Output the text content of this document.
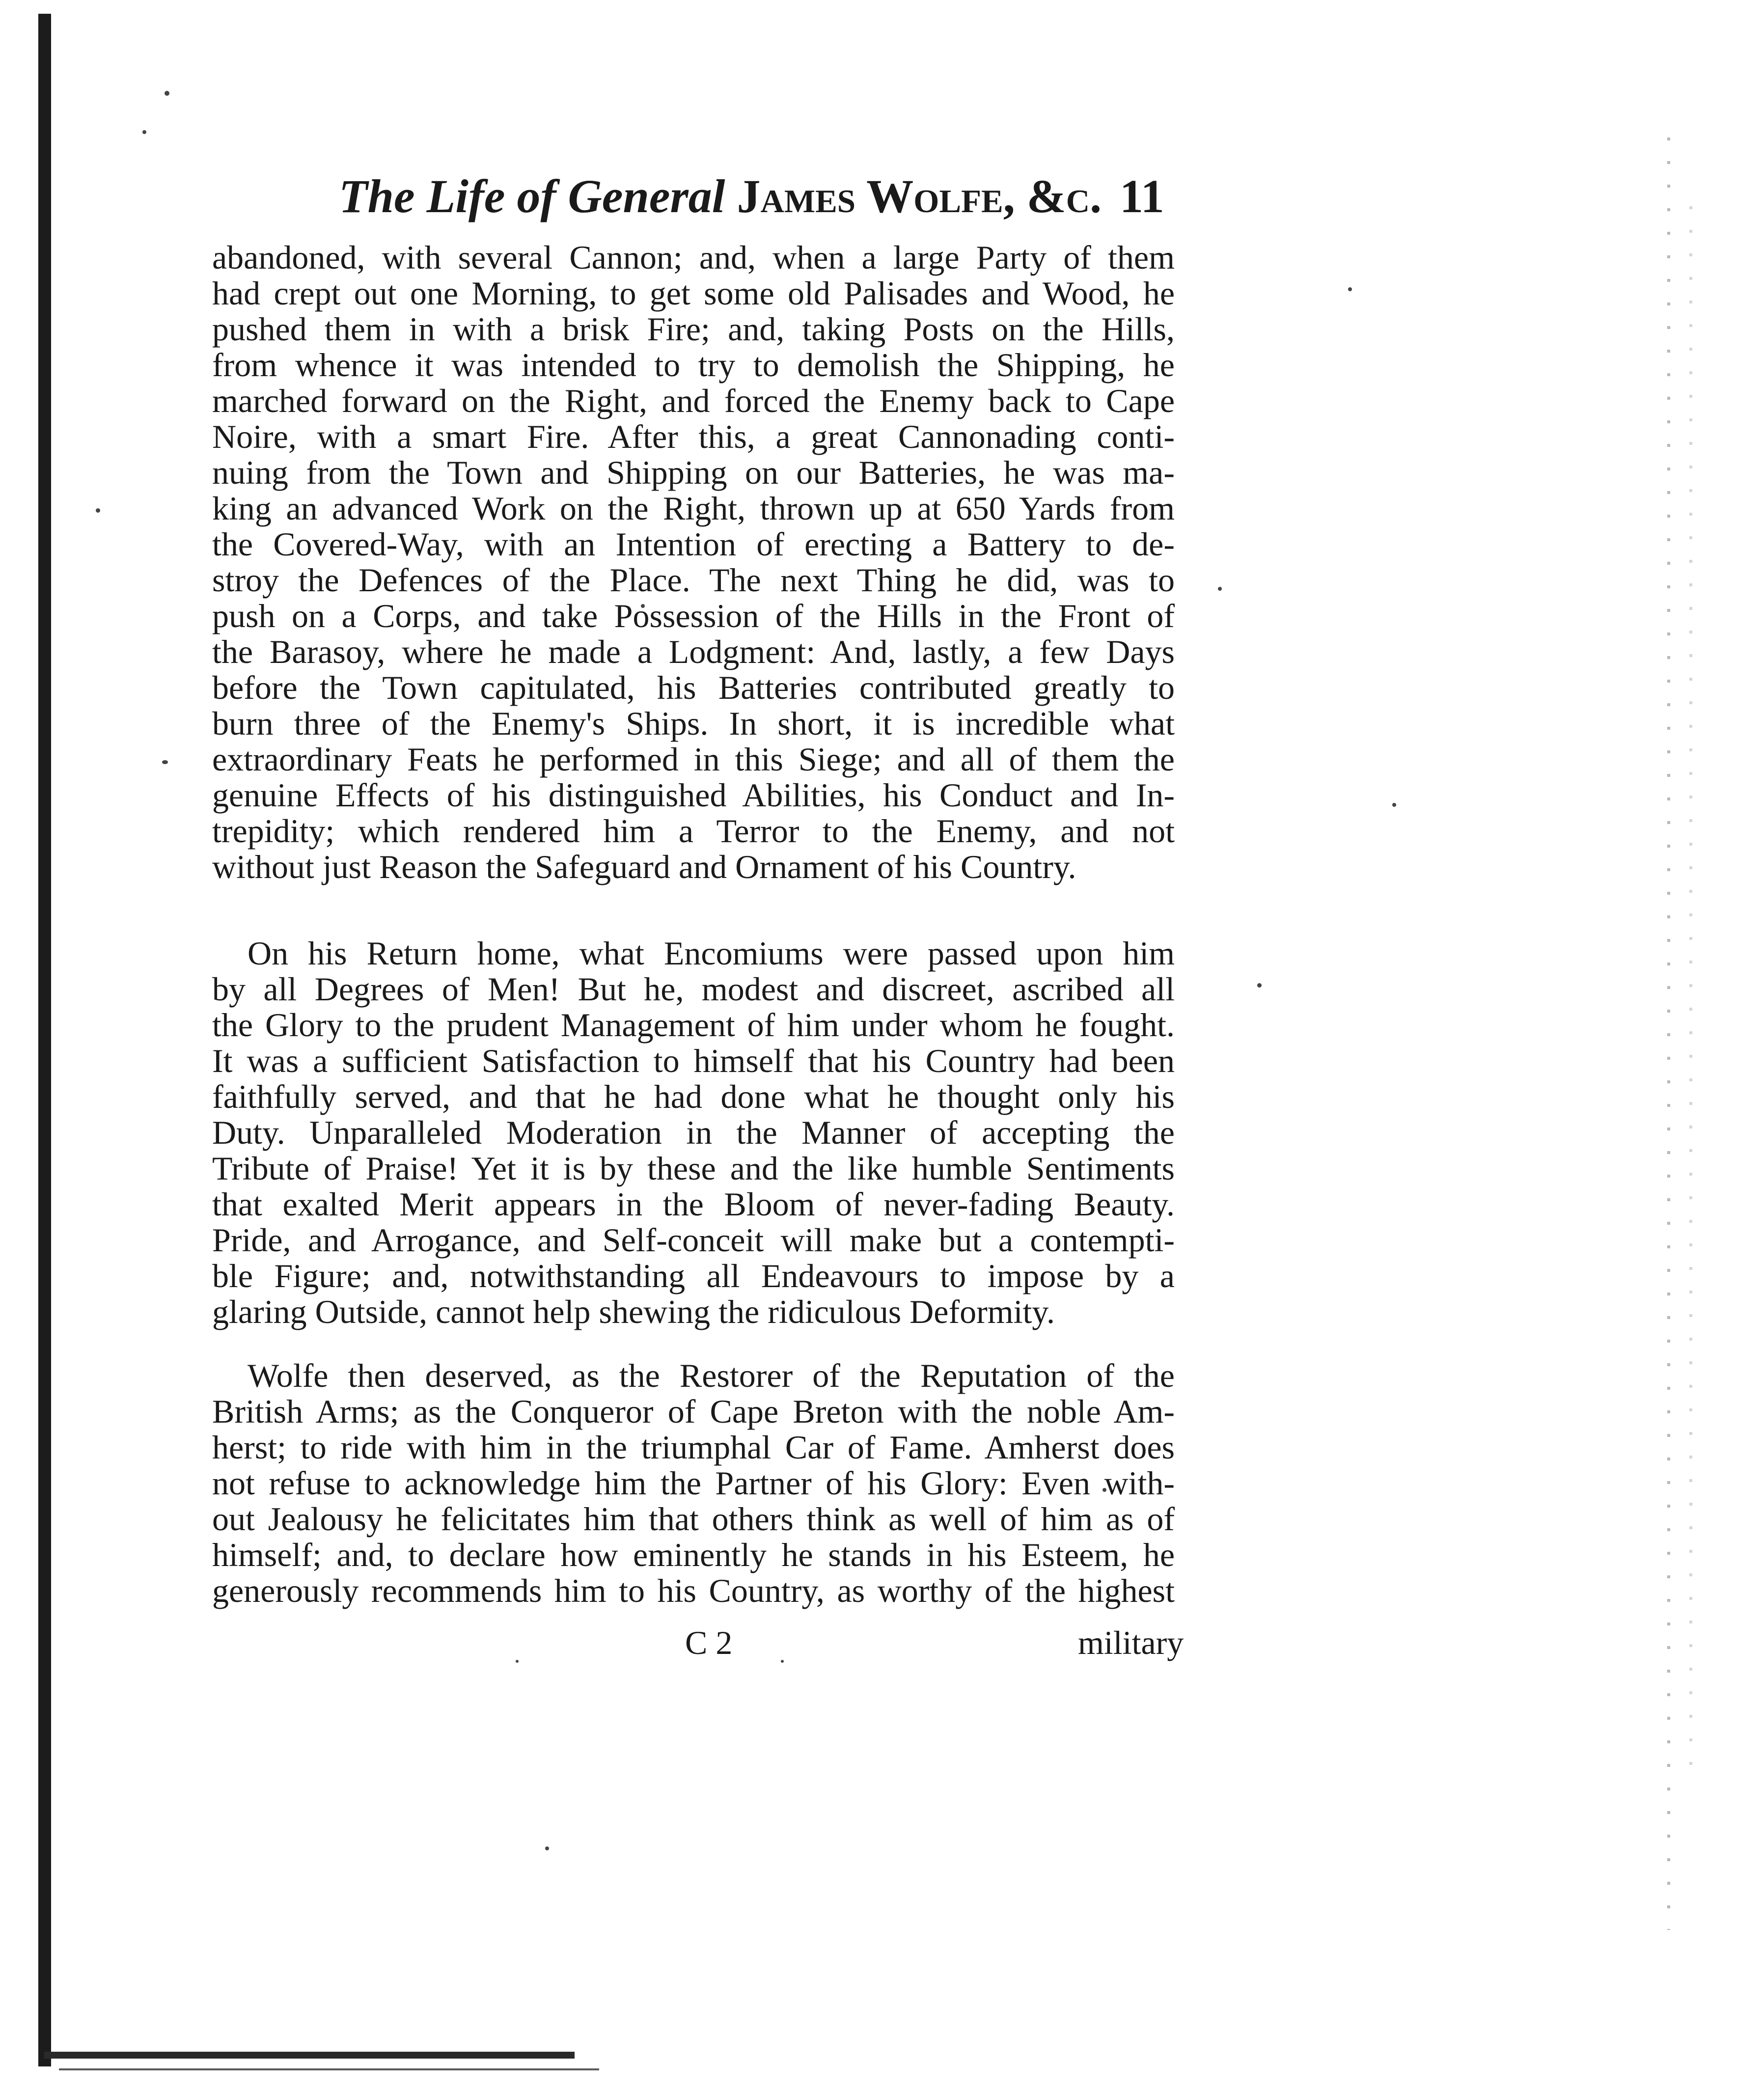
The Life of General James Wolfe, &c. 11
abandoned, with several Cannon; and, when a large Party of them
had crept out one Morning, to get some old Palisades and Wood, he
pushed them in with a brisk Fire; and, taking Posts on the Hills,
from whence it was intended to try to demolish the Shipping, he
marched forward on the Right, and forced the Enemy back to Cape
Noire, with a smart Fire. After this, a great Cannonading conti-
nuing from the Town and Shipping on our Batteries, he was ma-
king an advanced Work on the Right, thrown up at 650 Yards from
the Covered-Way, with an Intention of erecting a Battery to de-
stroy the Defences of the Place. The next Thing he did, was to
push on a Corps, and take Possession of the Hills in the Front of
the Barasoy, where he made a Lodgment: And, lastly, a few Days
before the Town capitulated, his Batteries contributed greatly to
burn three of the Enemy's Ships. In short, it is incredible what
extraordinary Feats he performed in this Siege; and all of them the
genuine Effects of his distinguished Abilities, his Conduct and In-
trepidity; which rendered him a Terror to the Enemy, and not
without just Reason the Safeguard and Ornament of his Country.
On his Return home, what Encomiums were passed upon him
by all Degrees of Men! But he, modest and discreet, ascribed all
the Glory to the prudent Management of him under whom he fought.
It was a sufficient Satisfaction to himself that his Country had been
faithfully served, and that he had done what he thought only his
Duty. Unparalleled Moderation in the Manner of accepting the
Tribute of Praise! Yet it is by these and the like humble Sentiments
that exalted Merit appears in the Bloom of never-fading Beauty.
Pride, and Arrogance, and Self-conceit will make but a contempti-
ble Figure; and, notwithstanding all Endeavours to impose by a
glaring Outside, cannot help shewing the ridiculous Deformity.
Wolfe then deserved, as the Restorer of the Reputation of the
British Arms; as the Conqueror of Cape Breton with the noble Am-
herst; to ride with him in the triumphal Car of Fame. Amherst does
not refuse to acknowledge him the Partner of his Glory: Even with-
out Jealousy he felicitates him that others think as well of him as of
himself; and, to declare how eminently he stands in his Esteem, he
generously recommends him to his Country, as worthy of the highest
C 2	military
